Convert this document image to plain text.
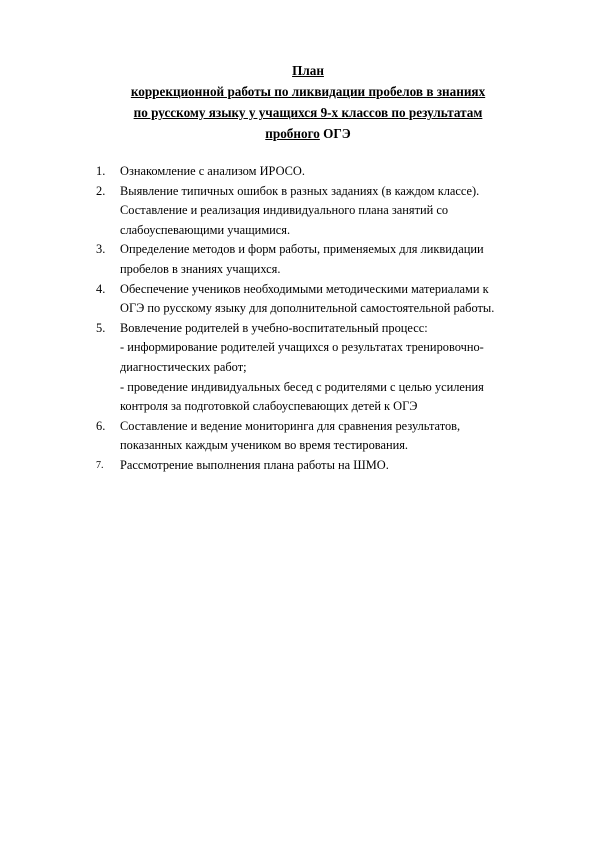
План
коррекционной работы по ликвидации пробелов в знаниях
по русскому языку у учащихся 9-х классов по результатам
пробного ОГЭ
1.	Ознакомление с анализом ИРОСО.
2.	Выявление типичных ошибок в разных заданиях (в каждом классе).
Составление и реализация индивидуального плана занятий со
слабоуспевающими учащимися.
3.	Определение методов и форм работы, применяемых для ликвидации
пробелов в знаниях учащихся.
4.	Обеспечение учеников необходимыми методическими материалами к
ОГЭ по русскому языку для дополнительной самостоятельной работы.
5.	Вовлечение родителей в учебно-воспитательный процесс:
- информирование родителей учащихся о результатах тренировочно-
диагностических работ;
- проведение индивидуальных бесед с родителями с целью усиления
контроля за подготовкой слабоуспевающих детей к ОГЭ
6.	Составление и ведение мониторинга для сравнения результатов,
показанных каждым учеником во время тестирования.
7.	Рассмотрение выполнения плана работы на ШМО.
